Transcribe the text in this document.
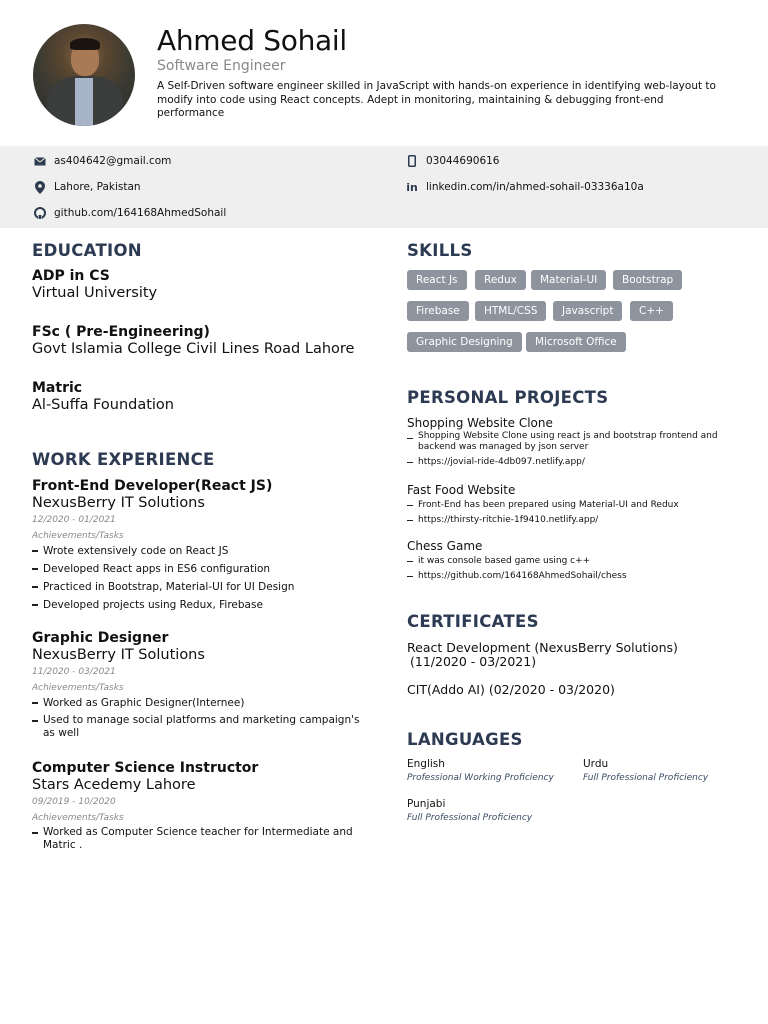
Ahmed Sohail
Software Engineer
A Self-Driven software engineer skilled in JavaScript with hands-on experience in identifying web-layout to modify into code using React concepts. Adept in monitoring, maintaining & debugging front-end performance
as404642@gmail.com
Lahore, Pakistan
github.com/164168AhmedSohail
03044690616
in linkedin.com/in/ahmed-sohail-03336a10a
EDUCATION
ADP in CS
Virtual University
FSc ( Pre-Engineering)
Govt Islamia College Civil Lines Road Lahore
Matric
Al-Suffa Foundation
WORK EXPERIENCE
Front-End Developer(React JS)
NexusBerry IT Solutions
12/2020 - 01/2021
Achievements/Tasks
Wrote extensively code on React JS
Developed React apps in ES6 configuration
Practiced in Bootstrap, Material-UI for UI Design
Developed projects using Redux, Firebase
Graphic Designer
NexusBerry IT Solutions
11/2020 - 03/2021
Achievements/Tasks
Worked as Graphic Designer(Internee)
Used to manage social platforms and marketing campaign's as well
Computer Science Instructor
Stars Acedemy Lahore
09/2019 - 10/2020
Achievements/Tasks
Worked as Computer Science teacher for Intermediate and Matric .
SKILLS
React Js	Redux	Material-UI	Bootstrap
Firebase	HTML/CSS	Javascript	C++
Graphic Designing	Microsoft Office
PERSONAL PROJECTS
Shopping Website Clone
Shopping Website Clone using react js and bootstrap frontend and backend was managed by json server
https://jovial-ride-4db097.netlify.app/
Fast Food Website
Front-End has been prepared using Material-UI and Redux
https://thirsty-ritchie-1f9410.netlify.app/
Chess Game
it was console based game using c++
https://github.com/164168AhmedSohail/chess
CERTIFICATES
React Development (NexusBerry Solutions)
(11/2020 - 03/2021)
CIT(Addo AI) (02/2020 - 03/2020)
LANGUAGES
English
Professional Working Proficiency
Urdu
Full Professional Proficiency
Punjabi
Full Professional Proficiency
